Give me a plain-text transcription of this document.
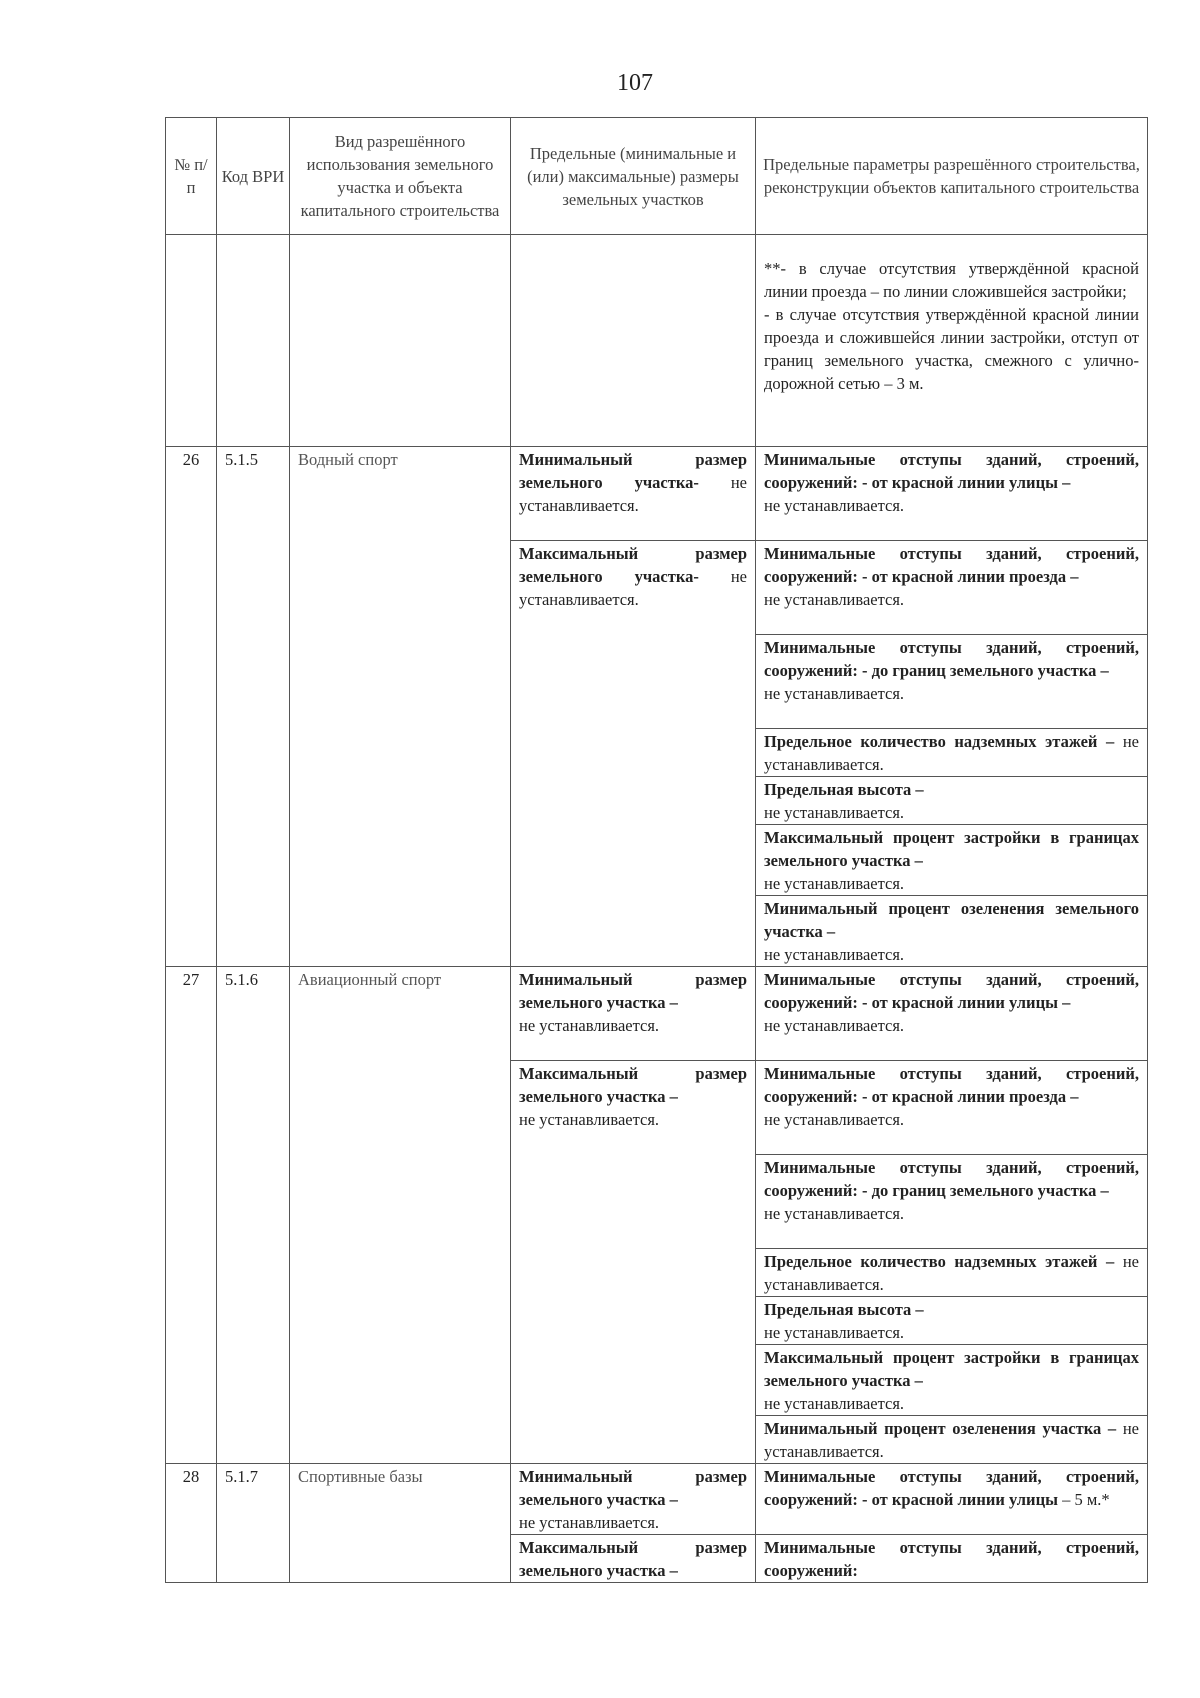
107
№ п/п	Код ВРИ	Вид разрешённого использования земельного участка и объекта капитального строительства	Предельные (минимальные и (или) максимальные) размеры земельных участков	Предельные параметры разрешённого строительства, реконструкции объектов капитального строительства

				**- в случае отсутствия утверждённой красной линии проезда – по линии сложившейся застройки;
- в случае отсутствия утверждённой красной линии проезда и сложившейся линии застройки, отступ от границ земельного участка, смежного с улично-дорожной сетью – 3 м.

26	5.1.5	Водный спорт	Минимальный размер земельного участка- не устанавливается.	Минимальные отступы зданий, строений, сооружений: - от красной линии улицы –
не устанавливается.
			Максимальный размер земельного участка- не устанавливается.	Минимальные отступы зданий, строений, сооружений: - от красной линии проезда –
не устанавливается.
				Минимальные отступы зданий, строений, сооружений: - до границ земельного участка –
не устанавливается.
				Предельное количество надземных этажей – не устанавливается.
				Предельная высота –
не устанавливается.
				Максимальный процент застройки в границах земельного участка –
не устанавливается.
				Минимальный процент озеленения земельного участка –
не устанавливается.
27	5.1.6	Авиационный спорт	Минимальный размер земельного участка –
не устанавливается.	Минимальные отступы зданий, строений, сооружений: - от красной линии улицы –
не устанавливается.
			Максимальный размер земельного участка –
не устанавливается.	Минимальные отступы зданий, строений, сооружений: - от красной линии проезда –
не устанавливается.
				Минимальные отступы зданий, строений, сооружений: - до границ земельного участка –
не устанавливается.
				Предельное количество надземных этажей – не устанавливается.
				Предельная высота –
не устанавливается.
				Максимальный процент застройки в границах земельного участка –
не устанавливается.
				Минимальный процент озеленения участка – не устанавливается.
28	5.1.7	Спортивные базы	Минимальный размер земельного участка –
не устанавливается.	Минимальные отступы зданий, строений, сооружений: - от красной линии улицы – 5 м.*
			Максимальный размер земельного участка –	Минимальные отступы зданий, строений, сооружений:
